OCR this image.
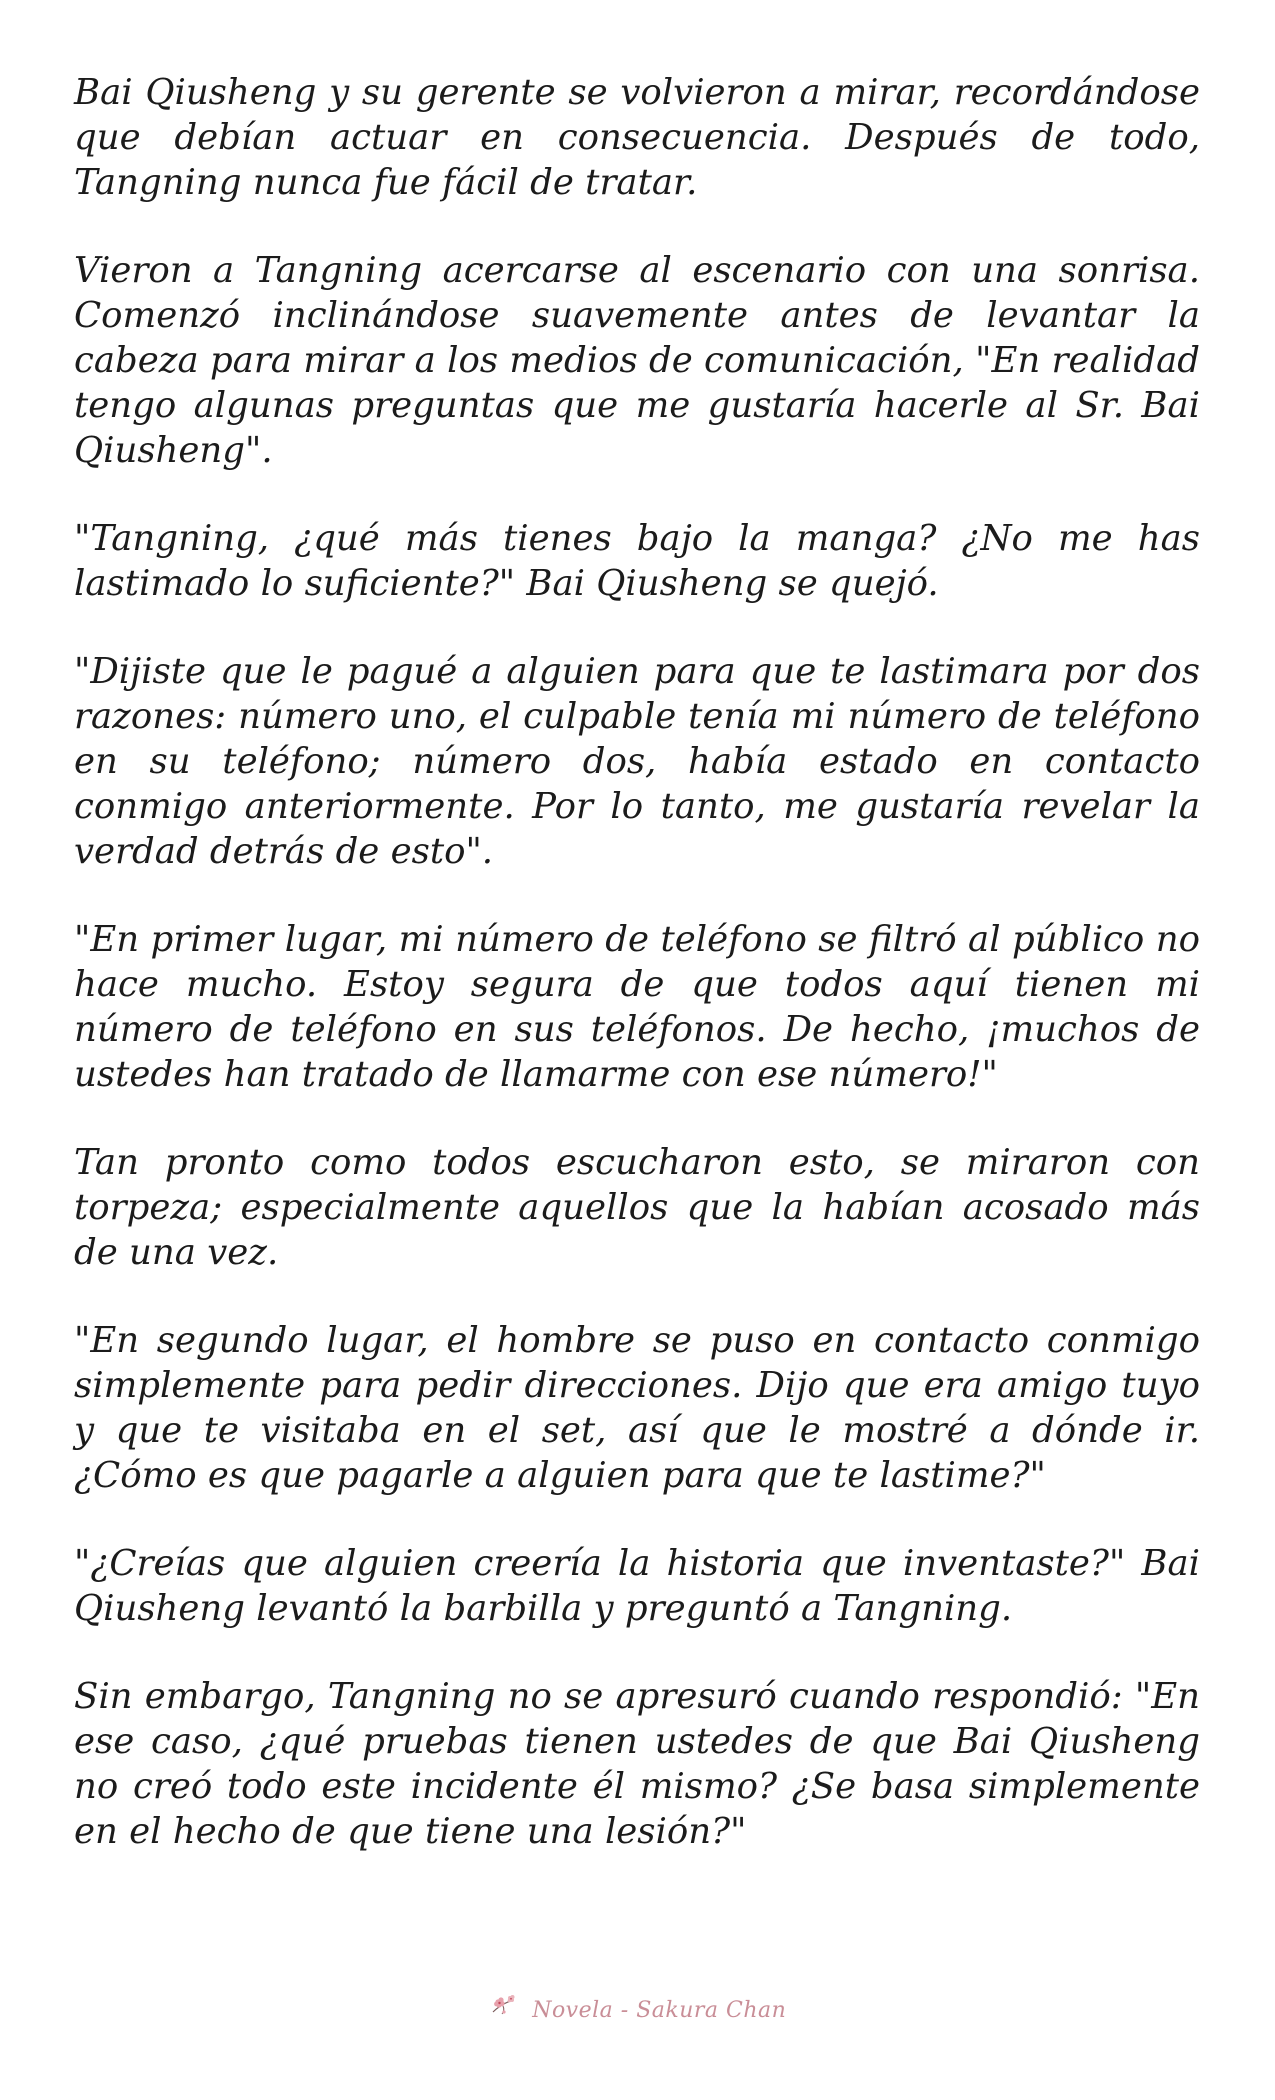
Bai Qiusheng y su gerente se volvieron a mirar, recordándose que debían actuar en consecuencia. Después de todo, Tangning nunca fue fácil de tratar.

Vieron a Tangning acercarse al escenario con una sonrisa. Comenzó inclinándose suavemente antes de levantar la cabeza para mirar a los medios de comunicación, "En realidad tengo algunas preguntas que me gustaría hacerle al Sr. Bai Qiusheng".

"Tangning, ¿qué más tienes bajo la manga? ¿No me has lastimado lo suficiente?" Bai Qiusheng se quejó.

"Dijiste que le pagué a alguien para que te lastimara por dos razones: número uno, el culpable tenía mi número de teléfono en su teléfono; número dos, había estado en contacto conmigo anteriormente. Por lo tanto, me gustaría revelar la verdad detrás de esto".

"En primer lugar, mi número de teléfono se filtró al público no hace mucho. Estoy segura de que todos aquí tienen mi número de teléfono en sus teléfonos. De hecho, ¡muchos de ustedes han tratado de llamarme con ese número!"

Tan pronto como todos escucharon esto, se miraron con torpeza; especialmente aquellos que la habían acosado más de una vez.

"En segundo lugar, el hombre se puso en contacto conmigo simplemente para pedir direcciones. Dijo que era amigo tuyo y que te visitaba en el set, así que le mostré a dónde ir. ¿Cómo es que pagarle a alguien para que te lastime?"

"¿Creías que alguien creería la historia que inventaste?" Bai Qiusheng levantó la barbilla y preguntó a Tangning.

Sin embargo, Tangning no se apresuró cuando respondió: "En ese caso, ¿qué pruebas tienen ustedes de que Bai Qiusheng no creó todo este incidente él mismo? ¿Se basa simplemente en el hecho de que tiene una lesión?"

Novela - Sakura Chan
